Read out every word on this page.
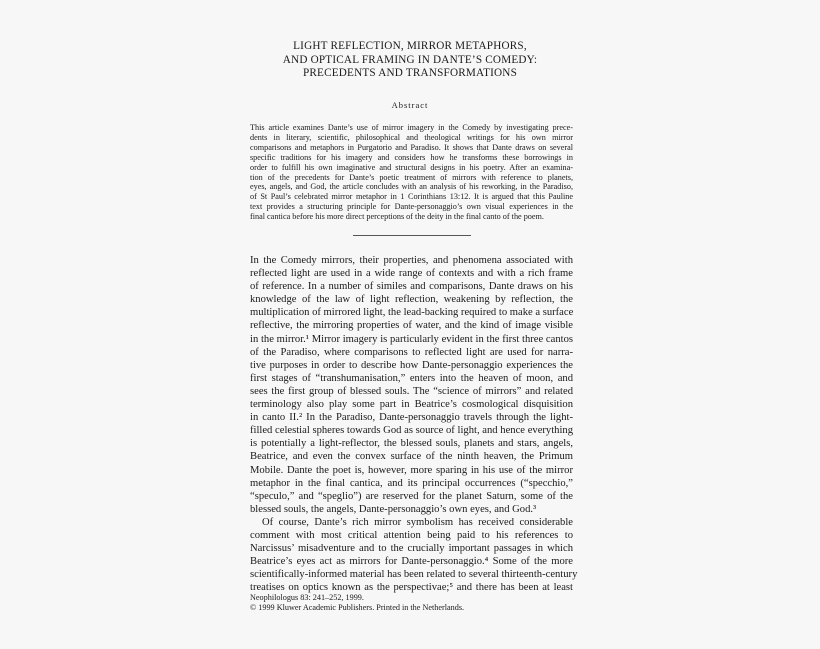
LIGHT REFLECTION, MIRROR METAPHORS,
AND OPTICAL FRAMING IN DANTE’S COMEDY:
PRECEDENTS AND TRANSFORMATIONS
Abstract
This article examines Dante’s use of mirror imagery in the Comedy by investigating prece-
dents in literary, scientific, philosophical and theological writings for his own mirror
comparisons and metaphors in Purgatorio and Paradiso. It shows that Dante draws on several
specific traditions for his imagery and considers how he transforms these borrowings in
order to fulfill his own imaginative and structural designs in his poetry. After an examina-
tion of the precedents for Dante’s poetic treatment of mirrors with reference to planets,
eyes, angels, and God, the article concludes with an analysis of his reworking, in the Paradiso,
of St Paul’s celebrated mirror metaphor in 1 Corinthians 13:12. It is argued that this Pauline
text provides a structuring principle for Dante-personaggio’s own visual experiences in the
final cantica before his more direct perceptions of the deity in the final canto of the poem.
In the Comedy mirrors, their properties, and phenomena associated with
reflected light are used in a wide range of contexts and with a rich frame
of reference. In a number of similes and comparisons, Dante draws on his
knowledge of the law of light reflection, weakening by reflection, the
multiplication of mirrored light, the lead-backing required to make a surface
reflective, the mirroring properties of water, and the kind of image visible
in the mirror.¹ Mirror imagery is particularly evident in the first three cantos
of the Paradiso, where comparisons to reflected light are used for narra-
tive purposes in order to describe how Dante-personaggio experiences the
first stages of “transhumanisation,” enters into the heaven of moon, and
sees the first group of blessed souls. The “science of mirrors” and related
terminology also play some part in Beatrice’s cosmological disquisition
in canto II.² In the Paradiso, Dante-personaggio travels through the light-
filled celestial spheres towards God as source of light, and hence everything
is potentially a light-reflector, the blessed souls, planets and stars, angels,
Beatrice, and even the convex surface of the ninth heaven, the Primum
Mobile. Dante the poet is, however, more sparing in his use of the mirror
metaphor in the final cantica, and its principal occurrences (“specchio,”
“speculo,” and “speglio”) are reserved for the planet Saturn, some of the
blessed souls, the angels, Dante-personaggio’s own eyes, and God.³
Of course, Dante’s rich mirror symbolism has received considerable
comment with most critical attention being paid to his references to
Narcissus’ misadventure and to the crucially important passages in which
Beatrice’s eyes act as mirrors for Dante-personaggio.⁴ Some of the more
scientifically-informed material has been related to several thirteenth-century
treatises on optics known as the perspectivae;⁵ and there has been at least
Neophilologus 83: 241–252, 1999.
© 1999 Kluwer Academic Publishers. Printed in the Netherlands.
